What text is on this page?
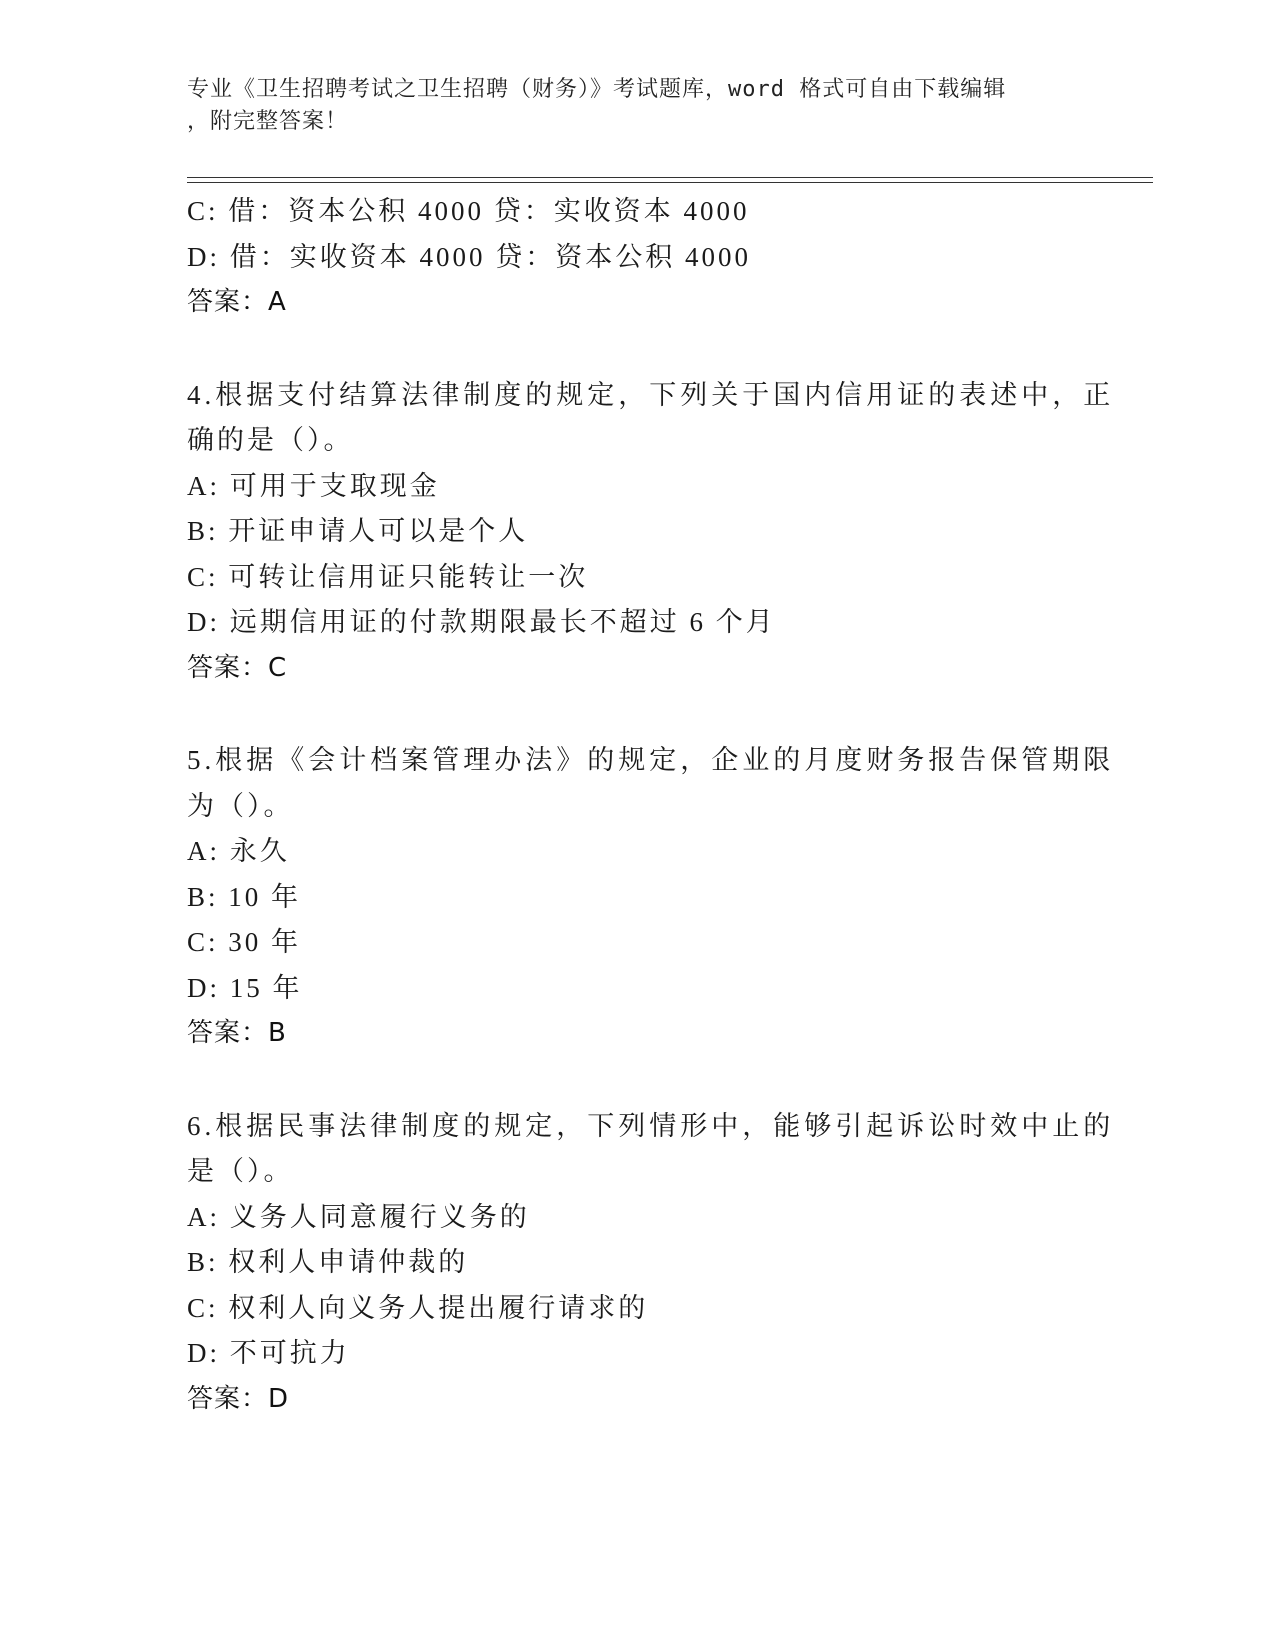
专业《卫生招聘考试之卫生招聘（财务）》考试题库，word 格式可自由下载编辑
，附完整答案！
C: 借：资本公积 4000 贷：实收资本 4000
D: 借：实收资本 4000 贷：资本公积 4000
答案：A
4.根据支付结算法律制度的规定，下列关于国内信用证的表述中，正
确的是（）。
A: 可用于支取现金
B: 开证申请人可以是个人
C: 可转让信用证只能转让一次
D: 远期信用证的付款期限最长不超过 6 个月
答案：C
5.根据《会计档案管理办法》的规定，企业的月度财务报告保管期限
为（）。
A: 永久
B: 10 年
C: 30 年
D: 15 年
答案：B
6.根据民事法律制度的规定，下列情形中，能够引起诉讼时效中止的
是（）。
A: 义务人同意履行义务的
B: 权利人申请仲裁的
C: 权利人向义务人提出履行请求的
D: 不可抗力
答案：D
